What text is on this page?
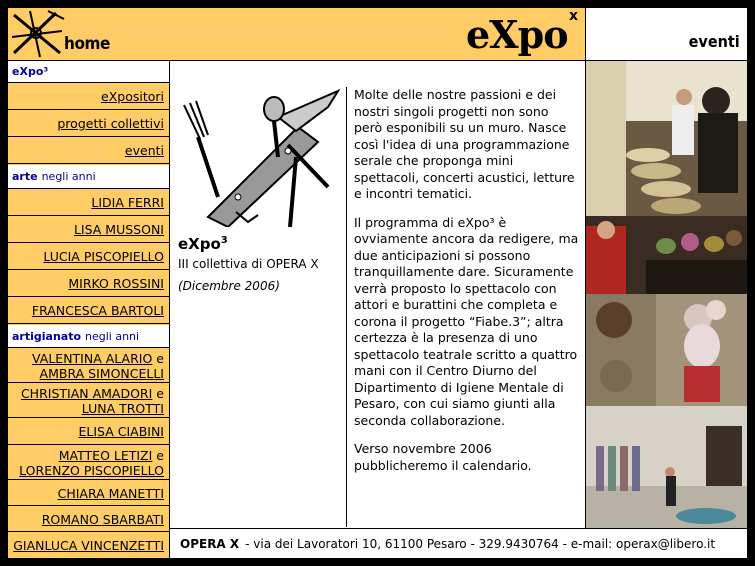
home	eXpo x
eventi
eXpo³
eXpositori
progetti collettivi
eventi
arte negli anni
LIDIA FERRI
LISA MUSSONI
LUCIA PISCOPIELLO
MIRKO ROSSINI
FRANCESCA BARTOLI
artigianato negli anni
VALENTINA ALARIO e
AMBRA SIMONCELLI
CHRISTIAN AMADORI e
LUNA TROTTI
ELISA CIABINI
MATTEO LETIZI e
LORENZO PISCOPIELLO
CHIARA MANETTI
ROMANO SBARBATI
GIANLUCA VINCENZETTI
eXpo$^3$
III collettiva di OPERA X
(Dicembre 2006)

Molte delle nostre passioni e dei nostri singoli progetti non sono però esponibili su un muro. Nasce così l'idea di una programmazione serale che proponga mini spettacoli, concerti acustici, letture e incontri tematici.

Il programma di eXpo³ è ovviamente ancora da redigere, ma due anticipazioni si possono tranquillamente dare. Sicuramente verrà proposto lo spettacolo con attori e burattini che completa e corona il progetto “Fiabe.3”; altra certezza è la presenza di uno spettacolo teatrale scritto a quattro mani con il Centro Diurno del Dipartimento di Igiene Mentale di Pesaro, con cui siamo giunti alla seconda collaborazione.

Verso novembre 2006 pubblicheremo il calendario.

OPERA X - via dei Lavoratori 10, 61100 Pesaro - 329.9430764 - e-mail: operax@libero.it
